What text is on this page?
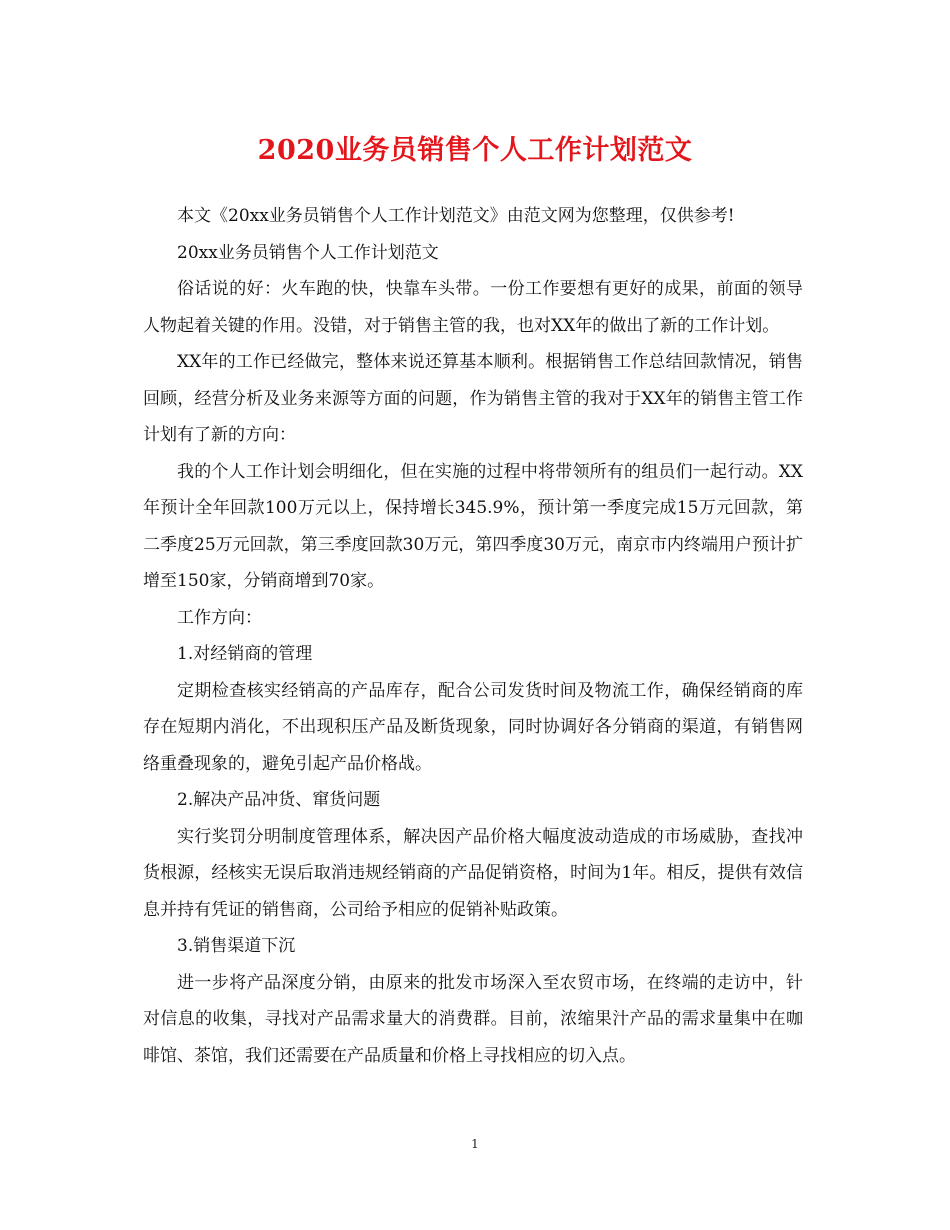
2020业务员销售个人工作计划范文

本文《20xx业务员销售个人工作计划范文》由范文网为您整理，仅供参考!

20xx业务员销售个人工作计划范文

俗话说的好：火车跑的快，快靠车头带。一份工作要想有更好的成果，前面的领导人物起着关键的作用。没错，对于销售主管的我，也对XX年的做出了新的工作计划。

XX年的工作已经做完，整体来说还算基本顺利。根据销售工作总结回款情况，销售回顾，经营分析及业务来源等方面的问题，作为销售主管的我对于XX年的销售主管工作计划有了新的方向：

我的个人工作计划会明细化，但在实施的过程中将带领所有的组员们一起行动。XX年预计全年回款100万元以上，保持增长345.9%，预计第一季度完成15万元回款，第二季度25万元回款，第三季度回款30万元，第四季度30万元，南京市内终端用户预计扩增至150家，分销商增到70家。

工作方向：

1.对经销商的管理

定期检查核实经销高的产品库存，配合公司发货时间及物流工作，确保经销商的库存在短期内消化，不出现积压产品及断货现象，同时协调好各分销商的渠道，有销售网络重叠现象的，避免引起产品价格战。

2.解决产品冲货、窜货问题

实行奖罚分明制度管理体系，解决因产品价格大幅度波动造成的市场威胁，查找冲货根源，经核实无误后取消违规经销商的产品促销资格，时间为1年。相反，提供有效信息并持有凭证的销售商，公司给予相应的促销补贴政策。

3.销售渠道下沉

进一步将产品深度分销，由原来的批发市场深入至农贸市场，在终端的走访中，针对信息的收集，寻找对产品需求量大的消费群。目前，浓缩果汁产品的需求量集中在咖啡馆、茶馆，我们还需要在产品质量和价格上寻找相应的切入点。

1
